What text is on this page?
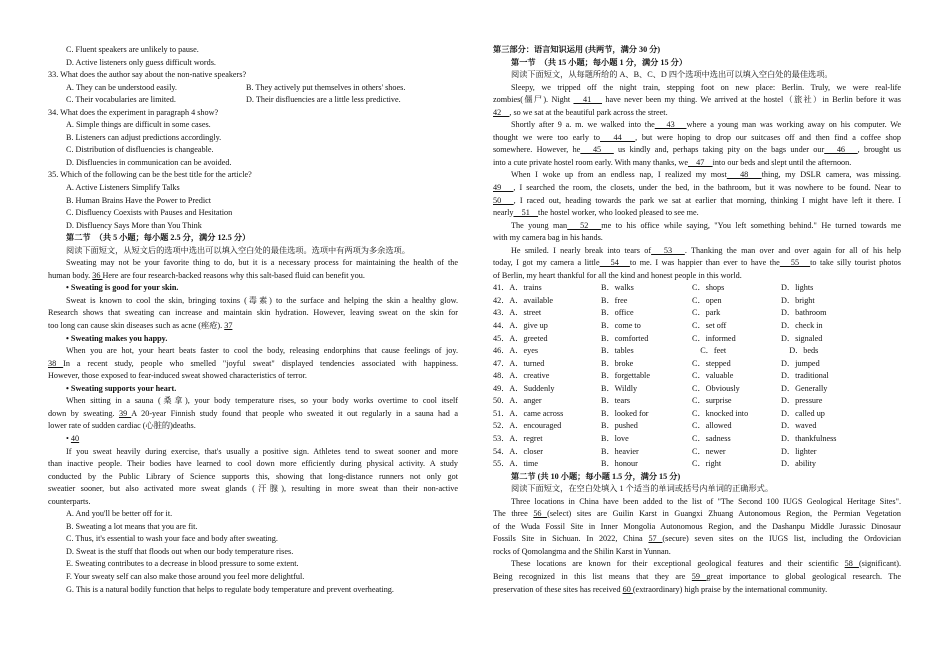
C. Fluent speakers are unlikely to pause.
D. Active listeners only guess difficult words.
33. What does the author say about the non-native speakers?
A. They can be understood easily.	B. They actively put themselves in others' shoes.
C. Their vocabularies are limited.	D. Their disfluencies are a little less predictive.
34. What does the experiment in paragraph 4 show?
A. Simple things are difficult in some cases.
B. Listeners can adjust predictions accordingly.
C. Distribution of disfluencies is changeable.
D. Disfluencies in communication can be avoided.
35. Which of the following can be the best title for the article?
A. Active Listeners Simplify Talks
B. Human Brains Have the Power to Predict
C. Disfluency Coexists with Pauses and Hesitation
D. Disfluency Says More than You Think
第二节　（共 5 小题；每小题 2.5 分，满分 12.5 分）
阅读下面短文，从短文后的选项中选出可以填入空白处的最佳选项。选项中有两项为多余选项。
Sweating may not be your favorite thing to do, but it is a necessary process for maintaining the health of the
human body. 36 Here are four research-backed reasons why this salt-based fluid can benefit you.
• Sweating is good for your skin.
Sweat is known to cool the skin, bringing toxins (毒素) to the surface and helping the skin a healthy glow.
Research shows that sweating can increase and maintain skin hydration. However, leaving sweat on the skin for
too long can cause skin diseases such as acne (痤疮). 37
• Sweating makes you happy.
When you are hot, your heart beats faster to cool the body, releasing endorphins that cause feelings of joy.
38 In a recent study, people who smelled "joyful sweat" displayed tendencies associated with happiness.
However, those exposed to fear-induced sweat showed characteristics of terror.
• Sweating supports your heart.
When sitting in a sauna (桑拿), your body temperature rises, so your body works overtime to cool itself
down by sweating. 39 A 20-year Finnish study found that people who sweated it out regularly in a sauna had a
lower rate of sudden cardiac (心脏的)deaths.
• 40
If you sweat heavily during exercise, that's usually a positive sign. Athletes tend to sweat sooner and more
than inactive people. Their bodies have learned to cool down more efficiently during physical activity. A study
conducted by the Public Library of Science supports this, showing that long-distance runners not only got
sweatier sooner, but also activated more sweat glands (汗腺), resulting in more sweat than their non-active
counterparts.
A. And you'll be better off for it.
B. Sweating a lot means that you are fit.
C. Thus, it's essential to wash your face and body after sweating.
D. Sweat is the stuff that floods out when our body temperature rises.
E. Sweating contributes to a decrease in blood pressure to some extent.
F. Your sweaty self can also make those around you feel more delightful.
G. This is a natural bodily function that helps to regulate body temperature and prevent overheating.
第三部分：语言知识运用 (共两节，满分 30 分)
第一节　（共 15 小题；每小题 1 分，满分 15 分）
阅读下面短文，从每题所给的 A、B、C、D 四个选项中选出可以填入空白处的最佳选项。
Sleepy, we tripped off the night train, stepping foot on new place: Berlin. Truly, we were real-life
zombies(僵尸). Night 　41　 have never been my thing. We arrived at the hostel（旅社）in Berlin before it was
42　, so we sat at the beautiful park across the street.
Shortly after 9 a. m. we walked into the　43　where a young man was working away on his computer. We
thought we were too early to　44　, but were hoping to drop our suitcases off and then find a coffee shop
somewhere. However, he　45　 us kindly and, perhaps taking pity on the bags under our　46　, brought us
into a cute private hostel room early. With many thanks, we　47　into our beds and slept until the afternoon.
When I woke up from an endless nap, I realized my most　48　thing, my DSLR camera, was missing.
49　, I searched the room, the closets, under the bed, in the bathroom, but it was nowhere to be found. Near to
50　, I raced out, heading towards the park we sat at earlier that morning, thinking I might have left it there. I
nearly　51　the hostel worker, who looked pleased to see me.
The young man　52　me to his office while saying, "You left something behind." He turned towards me
with my camera bag in his hands.
He smiled. I nearly break into tears of　53　. Thanking the man over and over again for all of his help
today, I got my camera a little　54　to me. I was happier than ever to have the　55　to take silly tourist photos
of Berlin, my heart thankful for all the kind and honest people in this world.
41．A．trains	B．walks	C．shops	D．lights
42．A．available	B．free	C．open	D．bright
43．A．street	B．office	C．park	D．bathroom
44．A．give up	B．come to	C．set off	D．check in
45．A．greeted	B．comforted	C．informed	D．signaled
46．A．eyes	B．tables	　C．feet	　D．beds
47．A．turned	B．broke	C．stepped	D．jumped
48．A．creative	B．forgettable	C．valuable	D．traditional
49．A．Suddenly	B．Wildly	C．Obviously	D．Generally
50．A．anger	B．tears	C．surprise	D．pressure
51．A．came across	B．looked for	C．knocked into	D．called up
52．A．encouraged	B．pushed	C．allowed	D．waved
53．A．regret	B．love	C．sadness	D．thankfulness
54．A．closer	B．heavier	C．newer	D．lighter
55．A．time	B．honour	C．right	D．ability
第二节 (共 10 小题；每小题 1.5 分，满分 15 分)
阅读下面短文，在空白处填入 1 个适当的单词或括号内单词的正确形式。
Three locations in China have been added to the list of "The Second 100 IUGS Geological Heritage Sites".
The three 56 (select) sites are Guilin Karst in Guangxi Zhuang Autonomous Region, the Permian Vegetation
of the Wuda Fossil Site in Inner Mongolia Autonomous Region, and the Dashanpu Middle Jurassic Dinosaur
Fossils Site in Sichuan. In 2022, China 57 (secure) seven sites on the IUGS list, including the Ordovician
rocks of Qomolangma and the Shilin Karst in Yunnan.
These locations are known for their exceptional geological features and their scientific 58 (significant).
Being recognized in this list means that they are 59 great importance to global geological research. The
preservation of these sites has received 60 (extraordinary) high praise by the international community.
